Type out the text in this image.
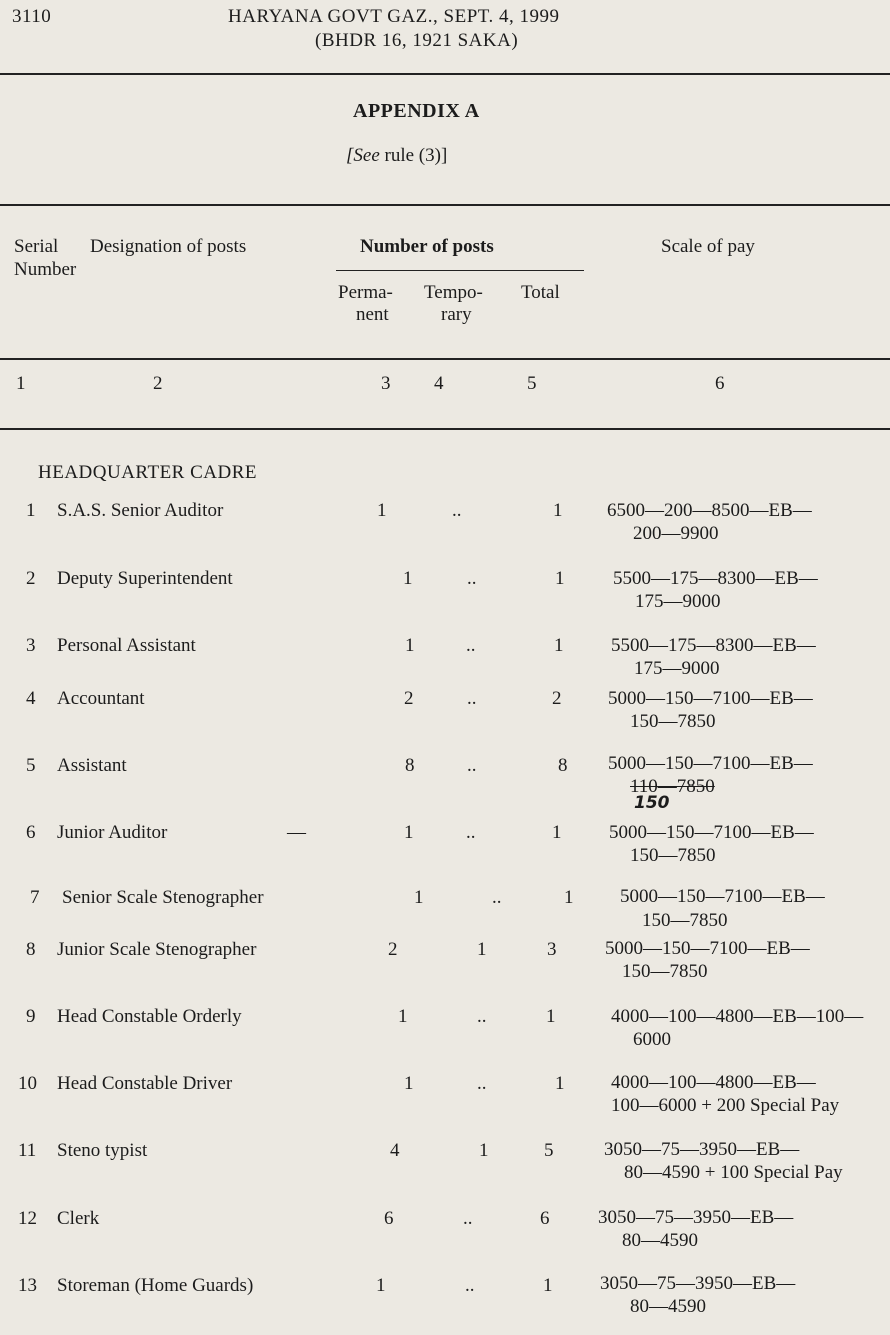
3110	HARYANA GOVT GAZ., SEPT. 4, 1999
(BHDR 16, 1921 SAKA)
APPENDIX A
[See rule (3)]
Serial
Number
Designation of posts	Number of posts	Scale of pay
Perma-
nent
Tempo-
rary
Total
1	2	3 4	5	6
HEADQUARTER CADRE
1 S.A.S. Senior Auditor	1	..	1 6500—200—8500—EB—
200—9900
2 Deputy Superintendent	1	..	1	5500—175—8300—EB—
175—9000
3 Personal Assistant	1	..	1	5500—175—8300—EB—
175—9000
4 Accountant	2	..	2 5000—150—7100—EB—
150—7850
5 Assistant	8	..	8 5000—150—7100—EB—
110—7850
150
6 Junior Auditor	—	1	..	1	5000—150—7100—EB—
150—7850
7 Senior Scale Stenographer	1	..	1 5000—150—7100—EB—
150—7850
8 Junior Scale Stenographer	2	1	3	5000—150—7100—EB—
150—7850
9 Head Constable Orderly	1	..	1	4000—100—4800—EB—100—
6000
10 Head Constable Driver	1	..	1 4000—100—4800—EB—
100—6000 + 200 Special Pay
11 Steno typist	4	1	5	3050—75—3950—EB—
80—4590 + 100 Special Pay
12 Clerk	6	..	6	3050—75—3950—EB—
80—4590
13 Storeman (Home Guards)	1	..	1	3050—75—3950—EB—
80—4590
